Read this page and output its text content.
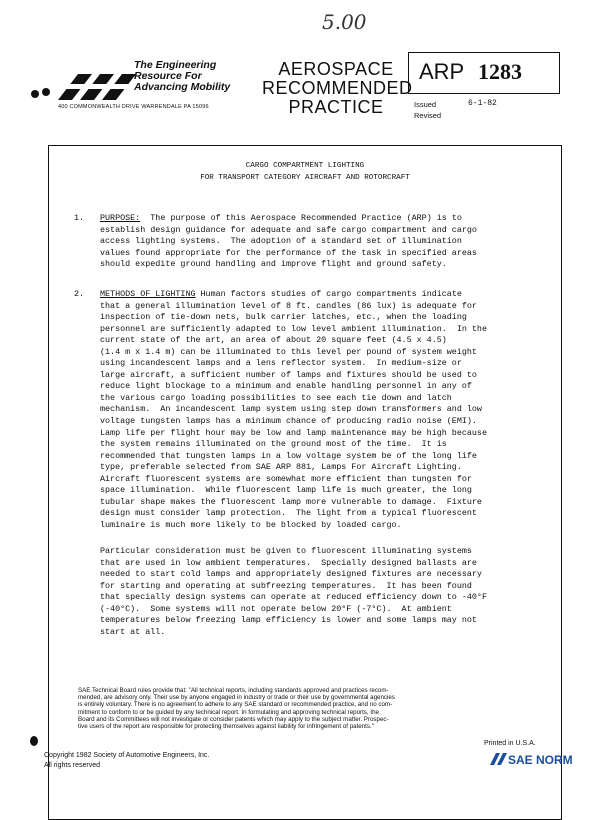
5.00
The Engineering
Resource For
Advancing Mobility
400 COMMONWEALTH DRIVE WARRENDALE PA 15096
AEROSPACE
RECOMMENDED
PRACTICE
ARP 1283
Issued	6-1-82
Revised
CARGO COMPARTMENT LIGHTING
FOR TRANSPORT CATEGORY AIRCRAFT AND ROTORCRAFT
1. PURPOSE: The purpose of this Aerospace Recommended Practice (ARP) is to
establish design guidance for adequate and safe cargo compartment and cargo
access lighting systems.  The adoption of a standard set of illumination
values found appropriate for the performance of the task in specified areas
should expedite ground handling and improve flight and ground safety.
2. METHODS OF LIGHTING Human factors studies of cargo compartments indicate
that a general illumination level of 8 ft. candles (86 lux) is adequate for
inspection of tie-down nets, bulk carrier latches, etc., when the loading
personnel are sufficiently adapted to low level ambient illumination.  In the
current state of the art, an area of about 20 square feet (4.5 x 4.5)
(1.4 m x 1.4 m) can be illuminated to this level per pound of system weight
using incandescent lamps and a lens reflector system.  In medium-size or
large aircraft, a sufficient number of lamps and fixtures should be used to
reduce light blockage to a minimum and enable handling personnel in any of
the various cargo loading possibilities to see each tie down and latch
mechanism.  An incandescent lamp system using step down transformers and low
voltage tungsten lamps has a minimum chance of producing radio noise (EMI).
Lamp life per flight hour may be low and lamp maintenance may be high because
the system remains illuminated on the ground most of the time.  It is
recommended that tungsten lamps in a low voltage system be of the long life
type, preferable selected from SAE ARP 881, Lamps For Aircraft Lighting.
Aircraft fluorescent systems are somewhat more efficient than tungsten for
space illumination.  While fluorescent lamp life is much greater, the long
tubular shape makes the fluorescent lamp more vulnerable to damage.  Fixture
design must consider lamp protection.  The light from a typical fluorescent
luminaire is much more likely to be blocked by loaded cargo.
Particular consideration must be given to fluorescent illuminating systems
that are used in low ambient temperatures.  Specially designed ballasts are
needed to start cold lamps and appropriately designed fixtures are necessary
for starting and operating at subfreezing temperatures.  It has been found
that specially design systems can operate at reduced efficiency down to -40°F
(-40°C).  Some systems will not operate below 20°F (-7°C).  At ambient
temperatures below freezing lamp efficiency is lower and some lamps may not
start at all.
SAE Technical Board rules provide that: "All technical reports, including standards approved and practices recom-
mended, are advisory only. Their use by anyone engaged in industry or trade or their use by governmental agencies
is entirely voluntary. There is no agreement to adhere to any SAE standard or recommended practice, and no com-
mitment to conform to or be guided by any technical report. In formulating and approving technical reports, the
Board and its Committees will not investigate or consider patents which may apply to the subject matter. Prospec-
tive users of the report are responsible for protecting themselves against liability for infringement of patents."
Copyright 1982 Society of Automotive Engineers, Inc.
All rights reserved
Printed in U.S.A.
SAE NORM
